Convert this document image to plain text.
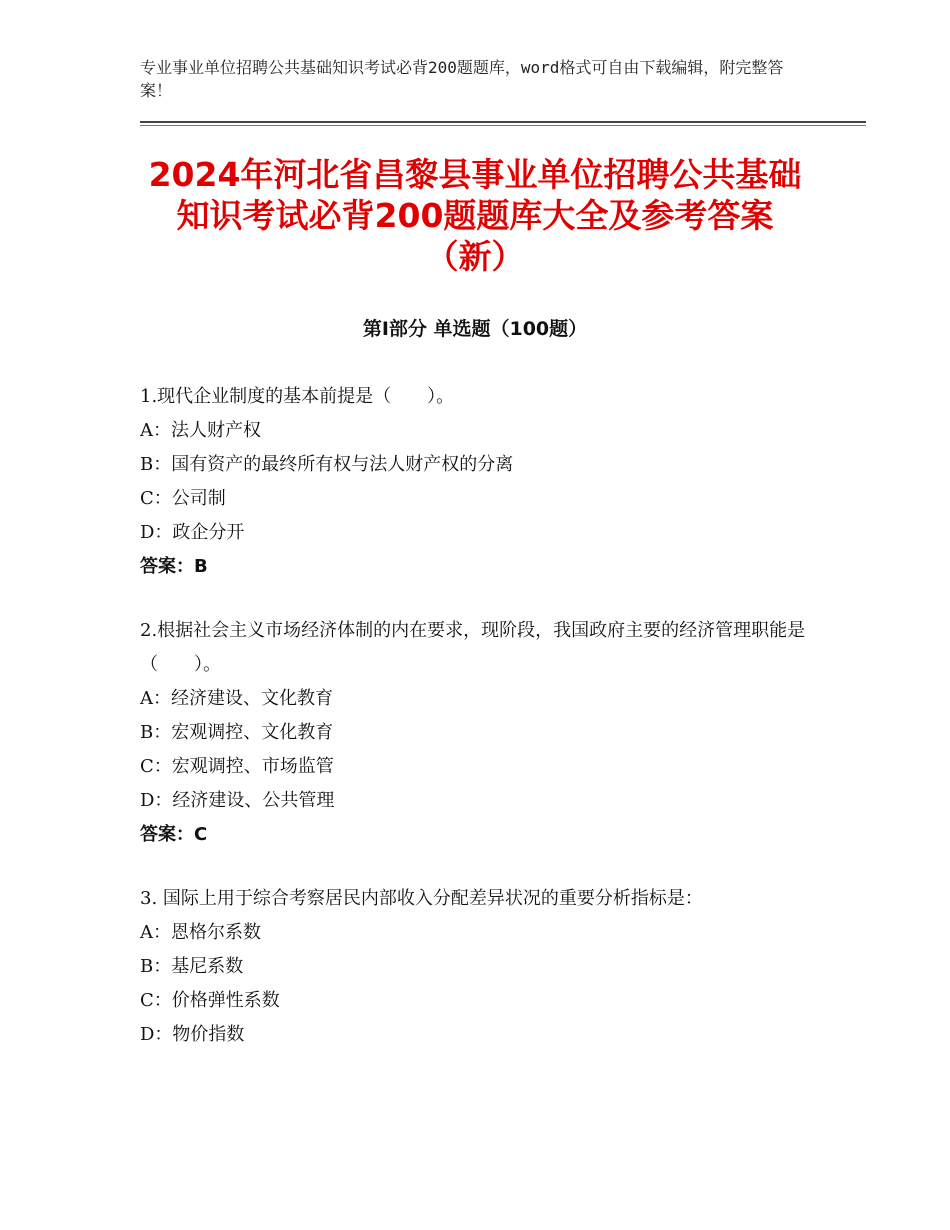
专业事业单位招聘公共基础知识考试必背200题题库，word格式可自由下载编辑，附完整答案！

2024年河北省昌黎县事业单位招聘公共基础
知识考试必背200题题库大全及参考答案
（新）
第Ⅰ部分 单选题（100题）

1.现代企业制度的基本前提是（　　）。

A：法人财产权

B：国有资产的最终所有权与法人财产权的分离

C：公司制

D：政企分开

答案：B

2.根据社会主义市场经济体制的内在要求，现阶段，我国政府主要的经济管理职能是（　　）。

A：经济建设、文化教育

B：宏观调控、文化教育

C：宏观调控、市场监管

D：经济建设、公共管理

答案：C

3. 国际上用于综合考察居民内部收入分配差异状况的重要分析指标是：

A：恩格尔系数

B：基尼系数

C：价格弹性系数

D：物价指数
